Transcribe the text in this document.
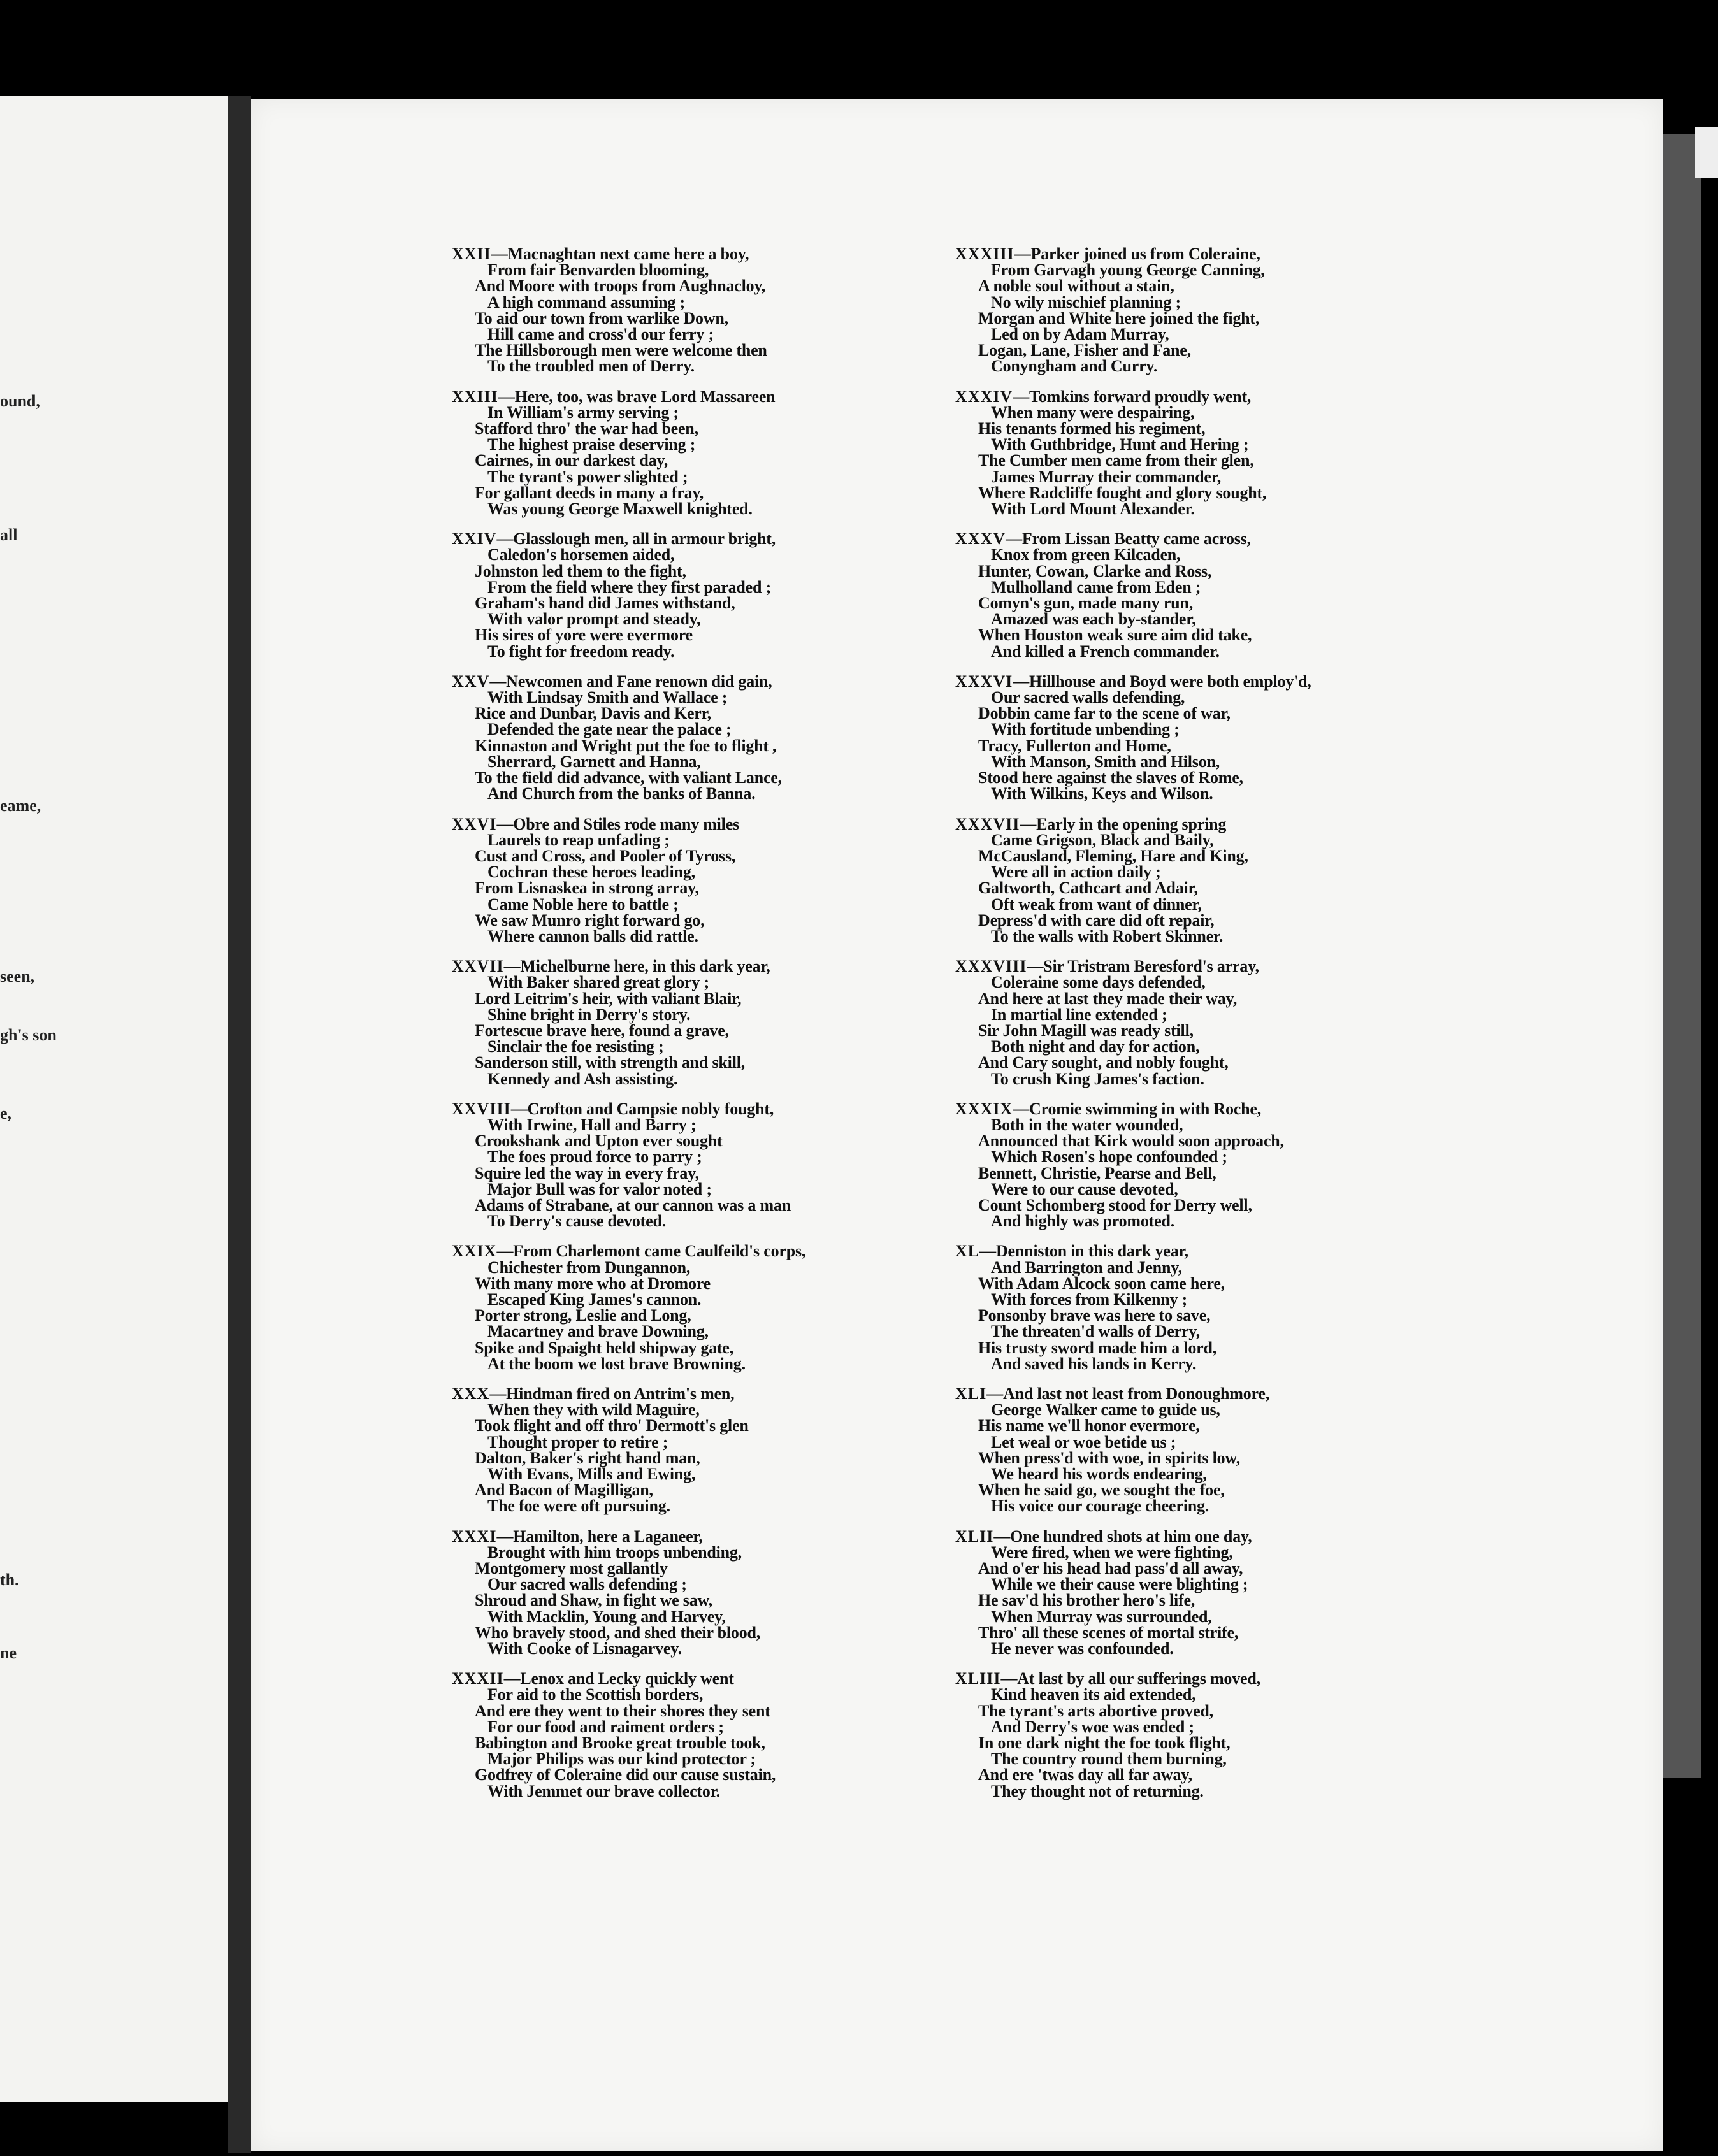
ound,
all
eame,
seen,
gh's son
e,
th.
ne
XXII—Macnaghtan next came here a boy,
From fair Benvarden blooming,
And Moore with troops from Aughnacloy,
A high command assuming ;
To aid our town from warlike Down,
Hill came and cross'd our ferry ;
The Hillsborough men were welcome then
To the troubled men of Derry.
XXIII—Here, too, was brave Lord Massareen
In William's army serving ;
Stafford thro' the war had been,
The highest praise deserving ;
Cairnes, in our darkest day,
The tyrant's power slighted ;
For gallant deeds in many a fray,
Was young George Maxwell knighted.
XXIV—Glasslough men, all in armour bright,
Caledon's horsemen aided,
Johnston led them to the fight,
From the field where they first paraded ;
Graham's hand did James withstand,
With valor prompt and steady,
His sires of yore were evermore
To fight for freedom ready.
XXV—Newcomen and Fane renown did gain,
With Lindsay Smith and Wallace ;
Rice and Dunbar, Davis and Kerr,
Defended the gate near the palace ;
Kinnaston and Wright put the foe to flight ,
Sherrard, Garnett and Hanna,
To the field did advance, with valiant Lance,
And Church from the banks of Banna.
XXVI—Obre and Stiles rode many miles
Laurels to reap unfading ;
Cust and Cross, and Pooler of Tyross,
Cochran these heroes leading,
From Lisnaskea in strong array,
Came Noble here to battle ;
We saw Munro right forward go,
Where cannon balls did rattle.
XXVII—Michelburne here, in this dark year,
With Baker shared great glory ;
Lord Leitrim's heir, with valiant Blair,
Shine bright in Derry's story.
Fortescue brave here, found a grave,
Sinclair the foe resisting ;
Sanderson still, with strength and skill,
Kennedy and Ash assisting.
XXVIII—Crofton and Campsie nobly fought,
With Irwine, Hall and Barry ;
Crookshank and Upton ever sought
The foes proud force to parry ;
Squire led the way in every fray,
Major Bull was for valor noted ;
Adams of Strabane, at our cannon was a man
To Derry's cause devoted.
XXIX—From Charlemont came Caulfeild's corps,
Chichester from Dungannon,
With many more who at Dromore
Escaped King James's cannon.
Porter strong, Leslie and Long,
Macartney and brave Downing,
Spike and Spaight held shipway gate,
At the boom we lost brave Browning.
XXX—Hindman fired on Antrim's men,
When they with wild Maguire,
Took flight and off thro' Dermott's glen
Thought proper to retire ;
Dalton, Baker's right hand man,
With Evans, Mills and Ewing,
And Bacon of Magilligan,
The foe were oft pursuing.
XXXI—Hamilton, here a Laganeer,
Brought with him troops unbending,
Montgomery most gallantly
Our sacred walls defending ;
Shroud and Shaw, in fight we saw,
With Macklin, Young and Harvey,
Who bravely stood, and shed their blood,
With Cooke of Lisnagarvey.
XXXII—Lenox and Lecky quickly went
For aid to the Scottish borders,
And ere they went to their shores they sent
For our food and raiment orders ;
Babington and Brooke great trouble took,
Major Philips was our kind protector ;
Godfrey of Coleraine did our cause sustain,
With Jemmet our brave collector.
XXXIII—Parker joined us from Coleraine,
From Garvagh young George Canning,
A noble soul without a stain,
No wily mischief planning ;
Morgan and White here joined the fight,
Led on by Adam Murray,
Logan, Lane, Fisher and Fane,
Conyngham and Curry.
XXXIV—Tomkins forward proudly went,
When many were despairing,
His tenants formed his regiment,
With Guthbridge, Hunt and Hering ;
The Cumber men came from their glen,
James Murray their commander,
Where Radcliffe fought and glory sought,
With Lord Mount Alexander.
XXXV—From Lissan Beatty came across,
Knox from green Kilcaden,
Hunter, Cowan, Clarke and Ross,
Mulholland came from Eden ;
Comyn's gun, made many run,
Amazed was each by-stander,
When Houston weak sure aim did take,
And killed a French commander.
XXXVI—Hillhouse and Boyd were both employ'd,
Our sacred walls defending,
Dobbin came far to the scene of war,
With fortitude unbending ;
Tracy, Fullerton and Home,
With Manson, Smith and Hilson,
Stood here against the slaves of Rome,
With Wilkins, Keys and Wilson.
XXXVII—Early in the opening spring
Came Grigson, Black and Baily,
McCausland, Fleming, Hare and King,
Were all in action daily ;
Galtworth, Cathcart and Adair,
Oft weak from want of dinner,
Depress'd with care did oft repair,
To the walls with Robert Skinner.
XXXVIII—Sir Tristram Beresford's array,
Coleraine some days defended,
And here at last they made their way,
In martial line extended ;
Sir John Magill was ready still,
Both night and day for action,
And Cary sought, and nobly fought,
To crush King James's faction.
XXXIX—Cromie swimming in with Roche,
Both in the water wounded,
Announced that Kirk would soon approach,
Which Rosen's hope confounded ;
Bennett, Christie, Pearse and Bell,
Were to our cause devoted,
Count Schomberg stood for Derry well,
And highly was promoted.
XL—Denniston in this dark year,
And Barrington and Jenny,
With Adam Alcock soon came here,
With forces from Kilkenny ;
Ponsonby brave was here to save,
The threaten'd walls of Derry,
His trusty sword made him a lord,
And saved his lands in Kerry.
XLI—And last not least from Donoughmore,
George Walker came to guide us,
His name we'll honor evermore,
Let weal or woe betide us ;
When press'd with woe, in spirits low,
We heard his words endearing,
When he said go, we sought the foe,
His voice our courage cheering.
XLII—One hundred shots at him one day,
Were fired, when we were fighting,
And o'er his head had pass'd all away,
While we their cause were blighting ;
He sav'd his brother hero's life,
When Murray was surrounded,
Thro' all these scenes of mortal strife,
He never was confounded.
XLIII—At last by all our sufferings moved,
Kind heaven its aid extended,
The tyrant's arts abortive proved,
And Derry's woe was ended ;
In one dark night the foe took flight,
The country round them burning,
And ere 'twas day all far away,
They thought not of returning.
